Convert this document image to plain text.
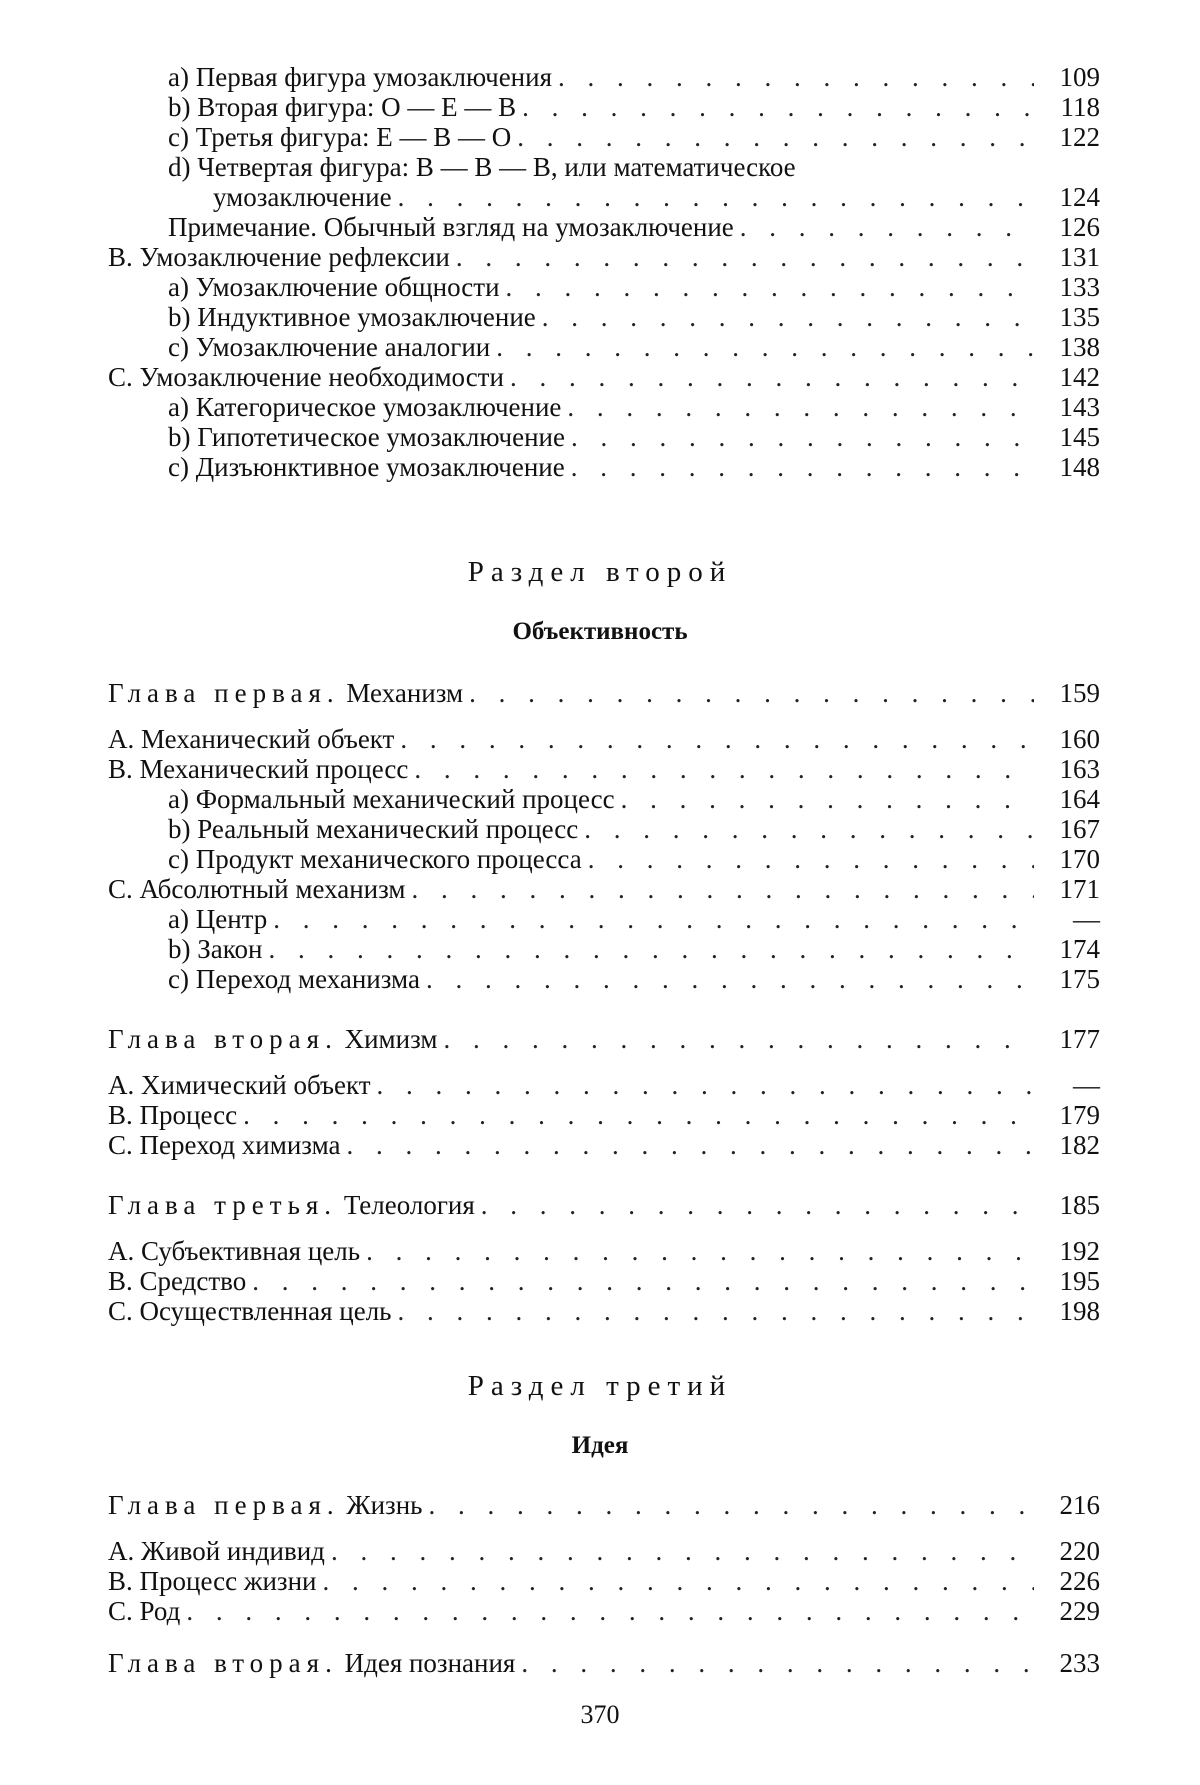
a) Первая фигура умозаключения . . .	109
b) Вторая фигура: O — E — B . . .	118
c) Третья фигура: E — B — O . . .	122
d) Четвертая фигура: B — B — B, или математическое
умозаключение . . .	124
Примечание. Обычный взгляд на умозаключение . . .	126
B. Умозаключение рефлексии . . .	131
a) Умозаключение общности . . .	133
b) Индуктивное умозаключение . . .	135
c) Умозаключение аналогии . . .	138
C. Умозаключение необходимости . . .	142
a) Категорическое умозаключение . . .	143
b) Гипотетическое умозаключение . . .	145
c) Дизъюнктивное умозаключение . . .	148
Раздел второй
Объективность
Глава первая. Механизм . . .	159
A. Механический объект . . .	160
B. Механический процесс . . .	163
a) Формальный механический процесс . . .	164
b) Реальный механический процесс . . .	167
c) Продукт механического процесса . . .	170
C. Абсолютный механизм . . .	171
a) Центр . . .	—
b) Закон . . .	174
c) Переход механизма . . .	175
Глава вторая. Химизм . . .	177
A. Химический объект . . .	—
B. Процесс . . .	179
C. Переход химизма . . .	182
Глава третья. Телеология . . .	185
A. Субъективная цель . . .	192
B. Средство . . .	195
C. Осуществленная цель . . .	198
Раздел третий
Идея
Глава первая. Жизнь . . .	216
A. Живой индивид . . .	220
B. Процесс жизни . . .	226
C. Род . . .	229
Глава вторая. Идея познания . . .	233
370
